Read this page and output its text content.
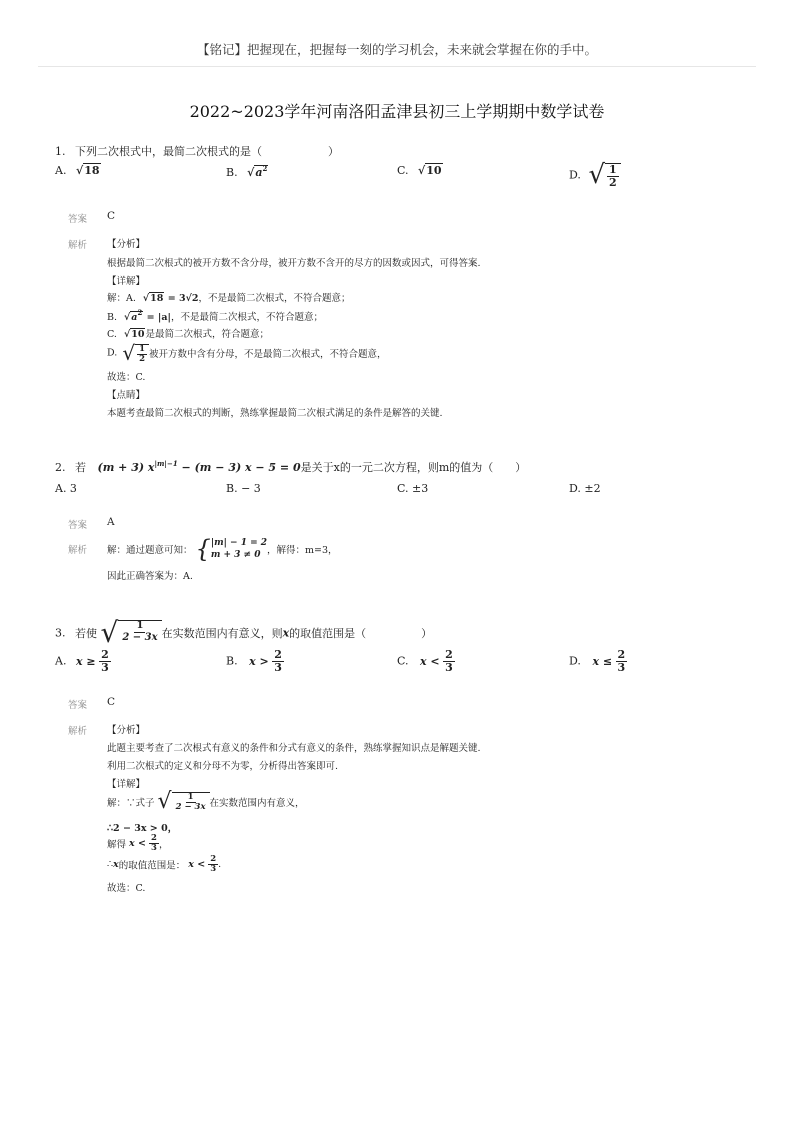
【铭记】把握现在，把握每一刻的学习机会，未来就会掌握在你的手中。
2022~2023学年河南洛阳孟津县初三上学期期中数学试卷
1. 下列二次根式中，最简二次根式的是（　　　　　　）
A. √18	B. $√a^2$	C. √10	D. √ $\frac{1}{2}$
答案 C
解析 【分析】
根据最简二次根式的被开方数不含分母，被开方数不含开的尽方的因数或因式，可得答案.
【详解】
解：A. √18 = 3√2，不是最简二次根式，不符合题意；
B. $√a^2 = |a|$，不是最简二次根式，不符合题意；
C. √10是最简二次根式，符合题意；
D. √ $\frac{1}{2}$ 被开方数中含有分母，不是最简二次根式，不符合题意，
故选：C.
【点睛】
本题考查最简二次根式的判断，熟练掌握最简二次根式满足的条件是解答的关键.
2. 若 (m + 3) $x^{|m|-1} - (m - 3) x - 5 = 0$是关于x的一元二次方程，则m的值为（　　）
A. 3	B. − 3	C. ±3	D. ±2
答案 A
解析 解：通过题意可知： { |m| − 1 = 2
m + 3 ≠ 0 ，解得：m=3，
因此正确答案为：A.
3. 若使 √ $\frac{1}{2 - 3x}$ 在实数范围内有意义，则x的取值范围是（　　　　　）
A. $x \ge \frac{2}{3}$	B. $x > \frac{2}{3}$	C. $x < \frac{2}{3}$	D. $x \le \frac{2}{3}$
答案 C
解析 【分析】
此题主要考查了二次根式有意义的条件和分式有意义的条件，熟练掌握知识点是解题关键.
利用二次根式的定义和分母不为零，分析得出答案即可.
【详解】
解：∵式子 √ $\frac{1}{2 - 3x}$ 在实数范围内有意义，
∴2 − 3x > 0，
解得 $x < \frac{2}{3}$ ，
∴x的取值范围是： $x < \frac{2}{3}$ .
故选：C.
